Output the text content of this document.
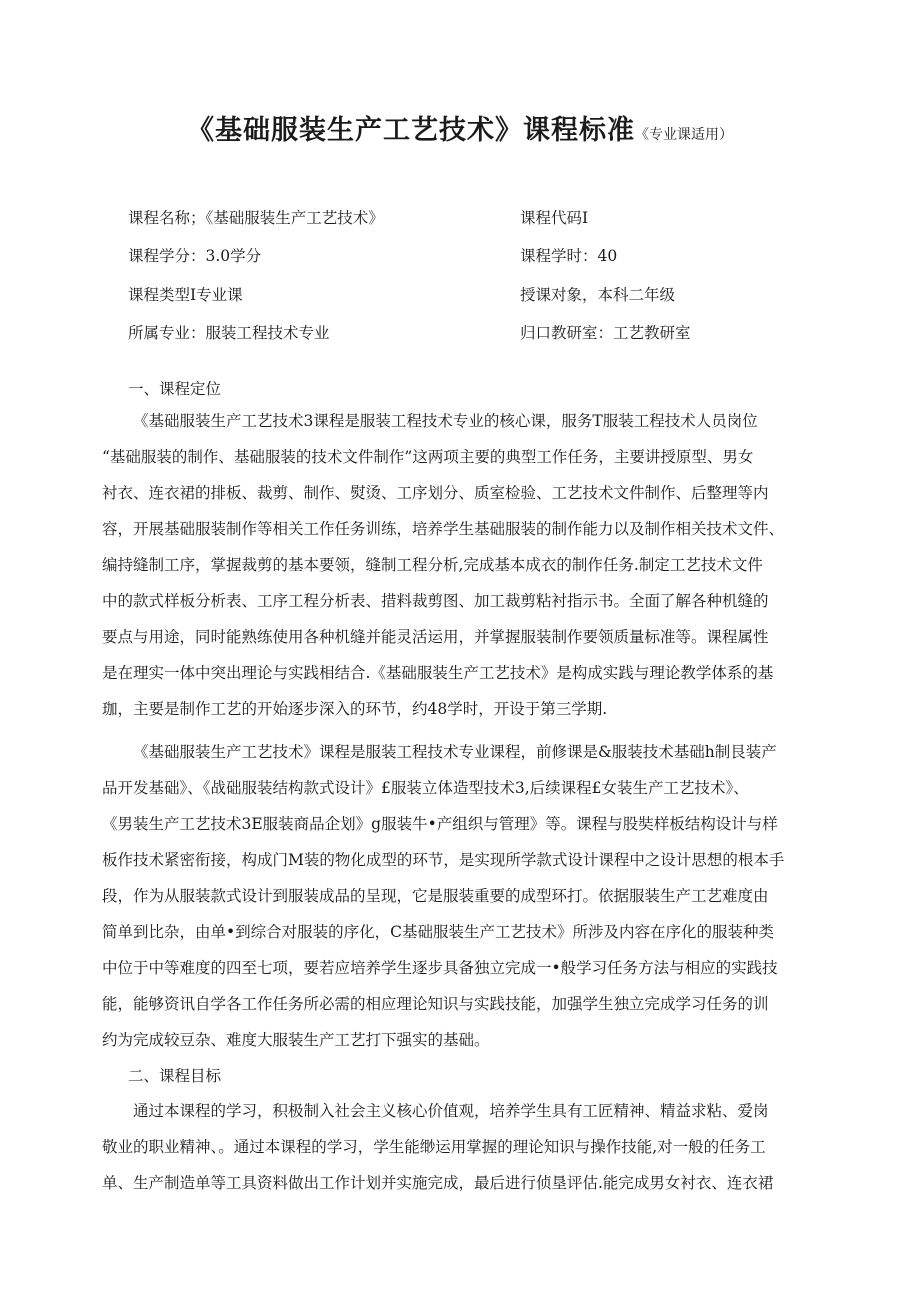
《基础服装生产工艺技术》课程标准《专业课适用）
课程名称；《基础服装生产工艺技术》	课程代码I
课程学分：3.0学分	课程学时：40
课程类型I专业课	授课对象，本科二年级
所属专业：服装工程技术专业	归口教研室：工艺教研室
一、课程定位

《基础服装生产工艺技术3课程是服装工程技术专业的核心课，服务T服装工程技术人员岗位
“基础服装的制作、基础服装的技术文件制作”这两项主要的典型工作任务，主要讲授原型、男女
衬衣、连衣裙的排板、裁剪、制作、熨烫、工序划分、质室检验、工艺技术文件制作、后整理等内
容，开展基础服装制作等相关工作任务训练，培养学生基础服装的制作能力以及制作相关技术文件、
编持缝制工序，掌握裁剪的基本要领，缝制工程分析,完成基本成衣的制作任务.制定工艺技术文件
中的款式样板分析表、工序工程分析表、措料裁剪图、加工裁剪粘衬指示书。全面了解各种机缝的
要点与用途，同时能熟练使用各种机缝并能灵活运用，并掌握服装制作要领质量标准等。课程属性
是在理实一体中突出理论与实践相结合.《基础服装生产工艺技术》是构成实践与理论教学体系的基
珈，主要是制作工艺的开始逐步深入的环节，约48学时，开设于第三学期.

《基础服装生产工艺技术》课程是服装工程技术专业课程，前修课是&服装技术基础h制艮装产
品开发基础》、《战础服装结构款式设计》£服装立体造型技术3,后续课程£女装生产工艺技术》、
《男装生产工艺技术3E服装商品企划》g服装牛•产组织与管理》等。课程与股奘样板结构设计与样
板作技术紧密衔接，构成门M装的物化成型的环节，是实现所学款式设计课程中之设计思想的根本手
段，作为从服装款式设计到服装成品的呈现，它是服装重要的成型环打。依据服装生产工艺难度由
简单到比杂，由单•到综合对服装的序化，C基础服装生产工艺技术》所涉及内容在序化的服装种类
中位于中等难度的四至七项，要若应培养学生逐步具备独立完成一•般学习任务方法与相应的实践技
能，能够资讯自学各工作任务所必需的相应理论知识与实践技能，加强学生独立完成学习任务的训
约为完成较豆杂、难度大服装生产工艺打下强实的基础。

二、课程目标

通过本课程的学习，积极制入社会主义核心价值观，培养学生具有工匠精神、精益求粘、爱岗
敬业的职业精神、。通过本课程的学习，学生能缈运用掌握的理论知识与操作技能,对一般的任务工
单、生产制造单等工具资料做出工作计划并实施完成，最后进行侦垦评估.能完成男女衬衣、连衣裙
